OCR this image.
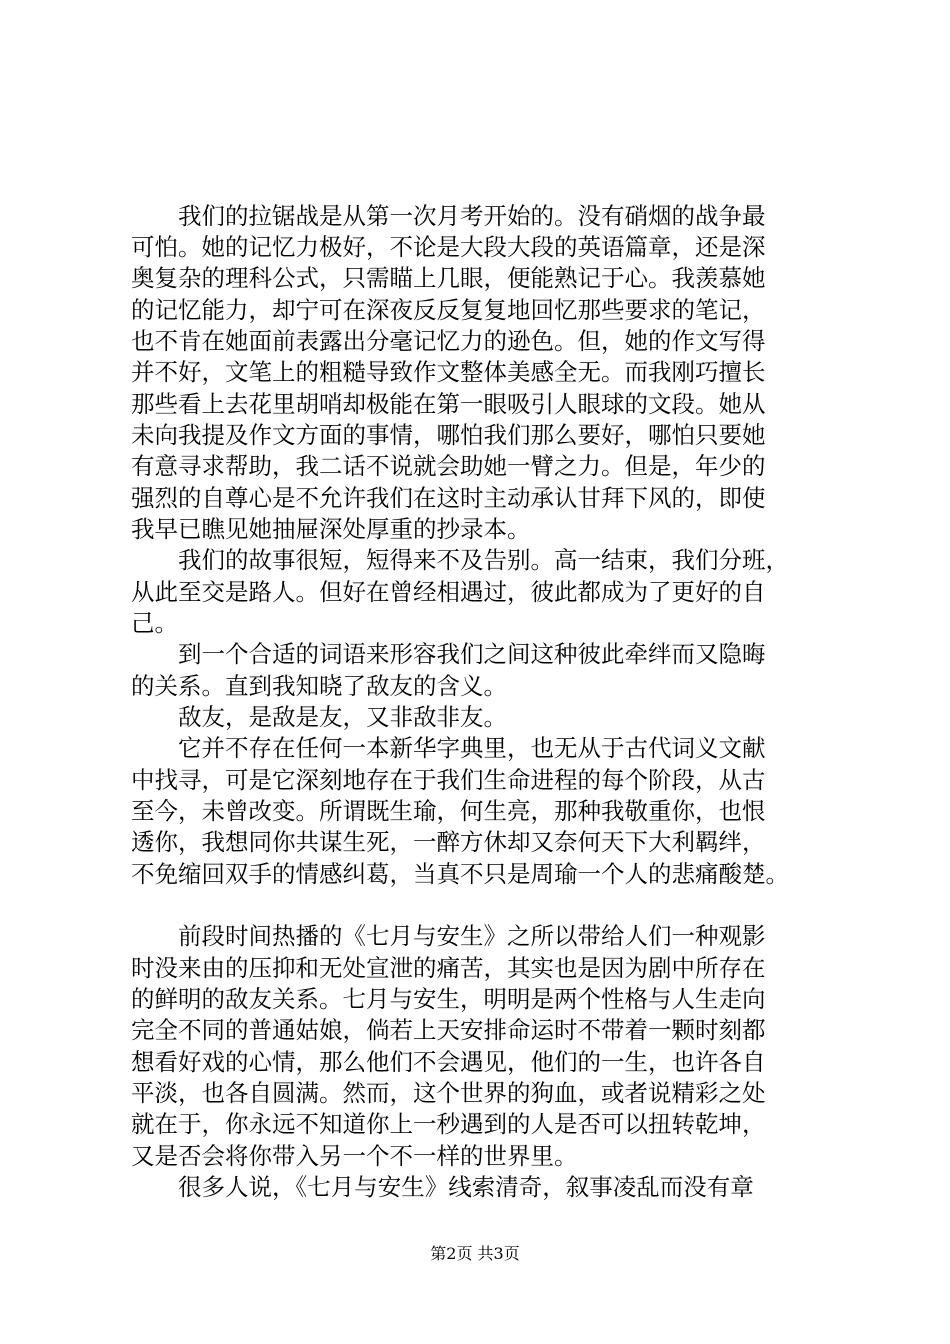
　　我们的拉锯战是从第一次月考开始的。没有硝烟的战争最
可怕。她的记忆力极好，不论是大段大段的英语篇章，还是深
奥复杂的理科公式，只需瞄上几眼，便能熟记于心。我羡慕她
的记忆能力，却宁可在深夜反反复复地回忆那些要求的笔记，
也不肯在她面前表露出分毫记忆力的逊色。但，她的作文写得
并不好，文笔上的粗糙导致作文整体美感全无。而我刚巧擅长
那些看上去花里胡哨却极能在第一眼吸引人眼球的文段。她从
未向我提及作文方面的事情，哪怕我们那么要好，哪怕只要她
有意寻求帮助，我二话不说就会助她一臂之力。但是，年少的
强烈的自尊心是不允许我们在这时主动承认甘拜下风的，即使
我早已瞧见她抽屉深处厚重的抄录本。
　　我们的故事很短，短得来不及告别。高一结束，我们分班，
从此至交是路人。但好在曾经相遇过，彼此都成为了更好的自
己。
　　到一个合适的词语来形容我们之间这种彼此牵绊而又隐晦
的关系。直到我知晓了敌友的含义。
　　敌友，是敌是友，又非敌非友。
　　它并不存在任何一本新华字典里，也无从于古代词义文献
中找寻，可是它深刻地存在于我们生命进程的每个阶段，从古
至今，未曾改变。所谓既生瑜，何生亮，那种我敬重你，也恨
透你，我想同你共谋生死，一醉方休却又奈何天下大利羁绊，
不免缩回双手的情感纠葛，当真不只是周瑜一个人的悲痛酸楚。
　　前段时间热播的《七月与安生》之所以带给人们一种观影
时没来由的压抑和无处宣泄的痛苦，其实也是因为剧中所存在
的鲜明的敌友关系。七月与安生，明明是两个性格与人生走向
完全不同的普通姑娘，倘若上天安排命运时不带着一颗时刻都
想看好戏的心情，那么他们不会遇见，他们的一生，也许各自
平淡，也各自圆满。然而，这个世界的狗血，或者说精彩之处
就在于，你永远不知道你上一秒遇到的人是否可以扭转乾坤，
又是否会将你带入另一个不一样的世界里。
　　很多人说，《七月与安生》线索清奇，叙事凌乱而没有章
第2页 共3页
